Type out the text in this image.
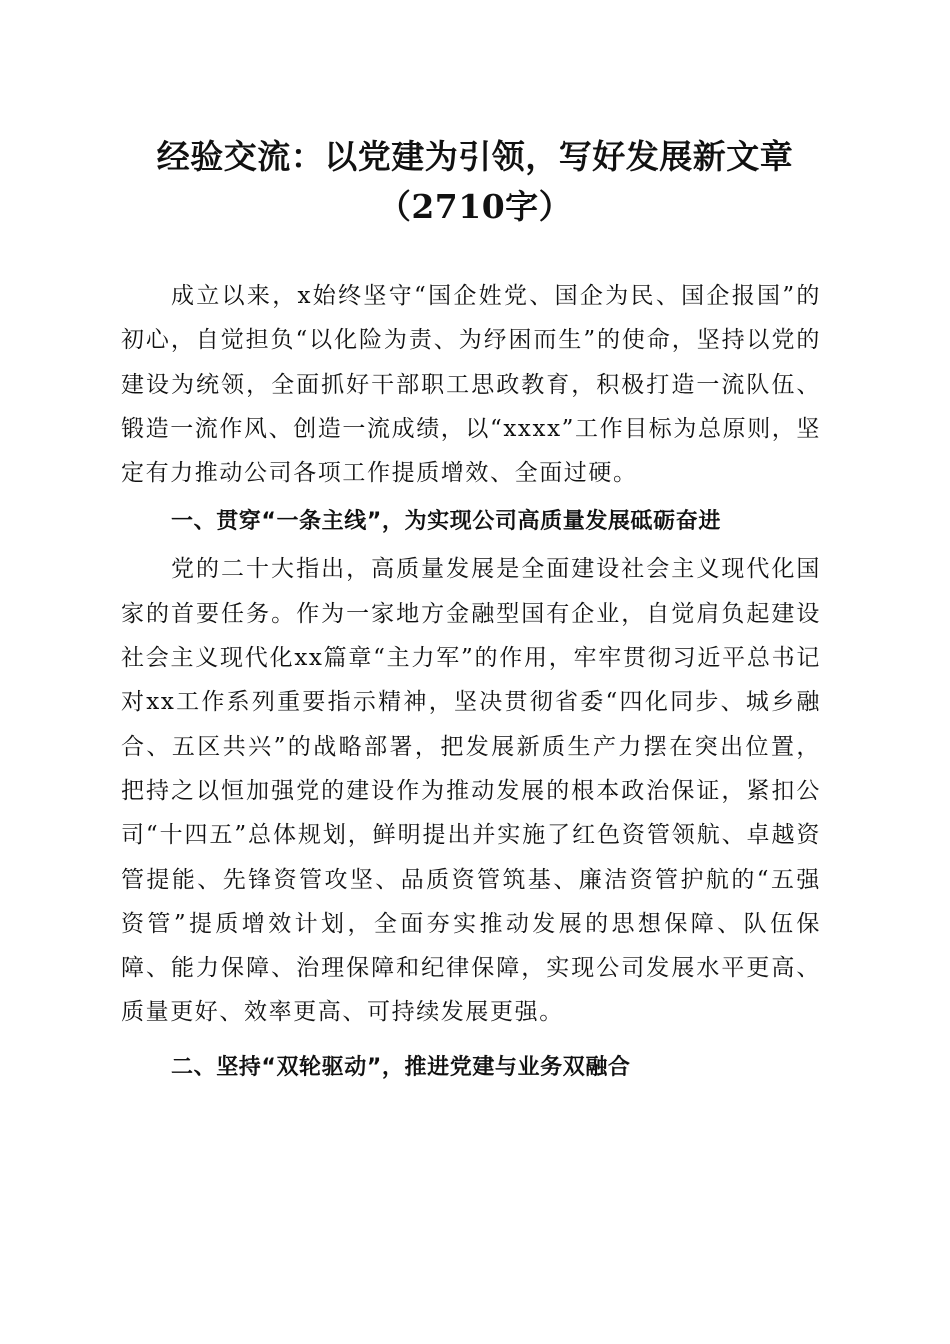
经验交流：以党建为引领，写好发展新文章
（2710字）

成立以来，x始终坚守“国企姓党、国企为民、国企报国”的初心，自觉担负“以化险为责、为纾困而生”的使命，坚持以党的建设为统领，全面抓好干部职工思政教育，积极打造一流队伍、锻造一流作风、创造一流成绩，以“xxxx”工作目标为总原则，坚定有力推动公司各项工作提质增效、全面过硬。

一、贯穿“一条主线”，为实现公司高质量发展砥砺奋进

党的二十大指出，高质量发展是全面建设社会主义现代化国家的首要任务。作为一家地方金融型国有企业，自觉肩负起建设社会主义现代化xx篇章“主力军”的作用，牢牢贯彻习近平总书记对xx工作系列重要指示精神，坚决贯彻省委“四化同步、城乡融合、五区共兴”的战略部署，把发展新质生产力摆在突出位置，把持之以恒加强党的建设作为推动发展的根本政治保证，紧扣公司“十四五”总体规划，鲜明提出并实施了红色资管领航、卓越资管提能、先锋资管攻坚、品质资管筑基、廉洁资管护航的“五强资管”提质增效计划，全面夯实推动发展的思想保障、队伍保障、能力保障、治理保障和纪律保障，实现公司发展水平更高、质量更好、效率更高、可持续发展更强。

二、坚持“双轮驱动”，推进党建与业务双融合
